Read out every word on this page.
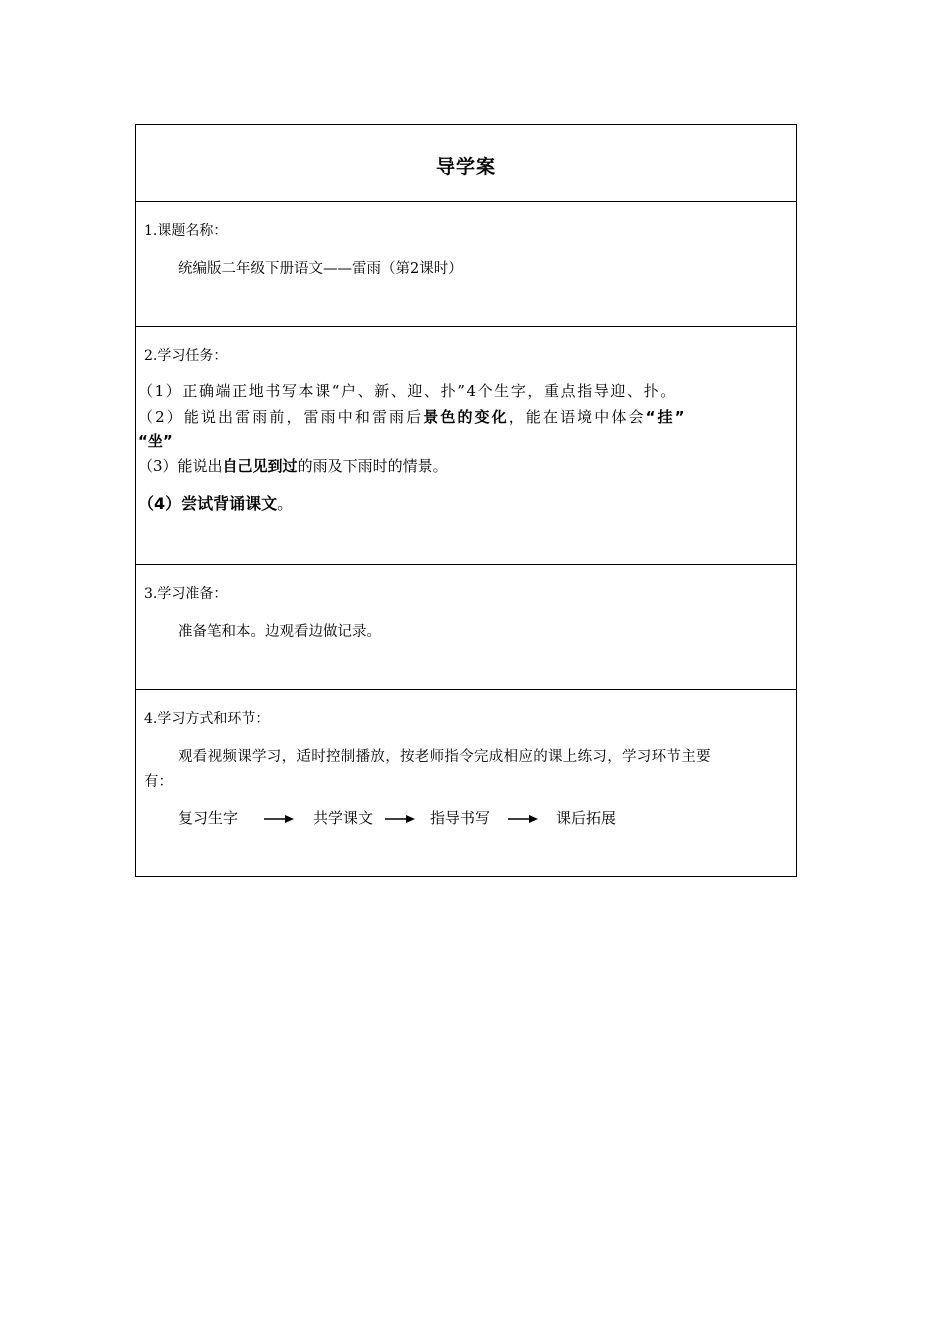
导学案
1.课题名称：
统编版二年级下册语文——雷雨（第2课时）
2.学习任务：
（1）正确端正地书写本课“户、新、迎、扑”4个生字，重点指导迎、扑。
（2）能说出雷雨前，雷雨中和雷雨后景色的变化，能在语境中体会“挂”
“坐”
（3）能说出自己见到过的雨及下雨时的情景。
（4）尝试背诵课文。
3.学习准备：
准备笔和本。边观看边做记录。
4.学习方式和环节：
观看视频课学习，适时控制播放，按老师指令完成相应的课上练习，学习环节主要
有：
复习生字	共学课文	指导书写	课后拓展
